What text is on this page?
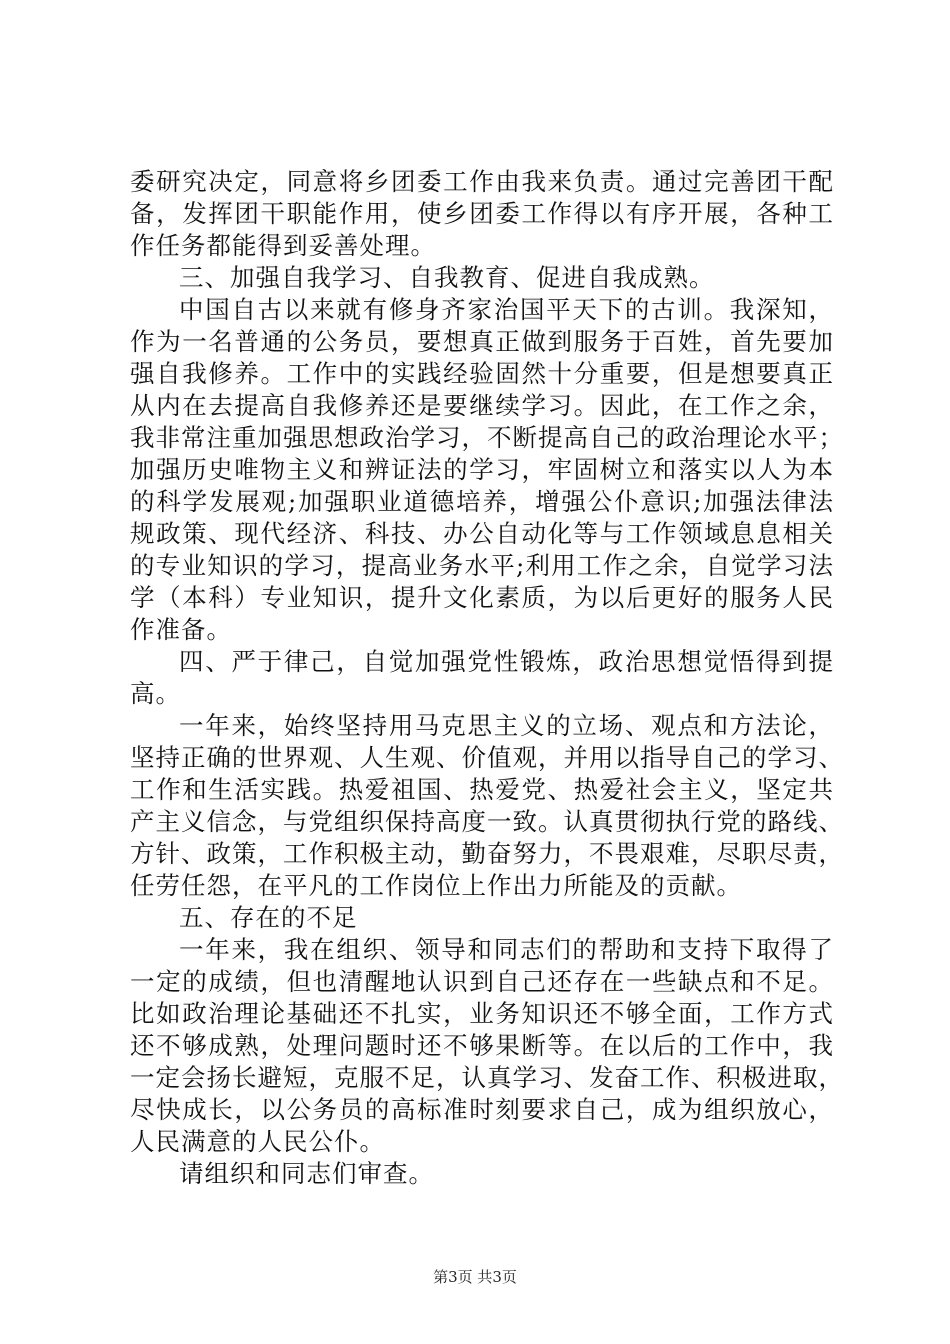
委研究决定，同意将乡团委工作由我来负责。通过完善团干配
备，发挥团干职能作用，使乡团委工作得以有序开展，各种工
作任务都能得到妥善处理。
三、加强自我学习、自我教育、促进自我成熟。
中国自古以来就有修身齐家治国平天下的古训。我深知，
作为一名普通的公务员，要想真正做到服务于百姓，首先要加
强自我修养。工作中的实践经验固然十分重要，但是想要真正
从内在去提高自我修养还是要继续学习。因此，在工作之余，
我非常注重加强思想政治学习，不断提高自己的政治理论水平；
加强历史唯物主义和辨证法的学习，牢固树立和落实以人为本
的科学发展观;加强职业道德培养，增强公仆意识;加强法律法
规政策、现代经济、科技、办公自动化等与工作领域息息相关
的专业知识的学习，提高业务水平;利用工作之余，自觉学习法
学（本科）专业知识，提升文化素质，为以后更好的服务人民
作准备。
四、严于律己，自觉加强党性锻炼，政治思想觉悟得到提
高。
一年来，始终坚持用马克思主义的立场、观点和方法论，
坚持正确的世界观、人生观、价值观，并用以指导自己的学习、
工作和生活实践。热爱祖国、热爱党、热爱社会主义，坚定共
产主义信念，与党组织保持高度一致。认真贯彻执行党的路线、
方针、政策，工作积极主动，勤奋努力，不畏艰难，尽职尽责，
任劳任怨，在平凡的工作岗位上作出力所能及的贡献。
五、存在的不足
一年来，我在组织、领导和同志们的帮助和支持下取得了
一定的成绩，但也清醒地认识到自己还存在一些缺点和不足。
比如政治理论基础还不扎实，业务知识还不够全面，工作方式
还不够成熟，处理问题时还不够果断等。在以后的工作中，我
一定会扬长避短，克服不足，认真学习、发奋工作、积极进取，
尽快成长，以公务员的高标准时刻要求自己，成为组织放心，
人民满意的人民公仆。
请组织和同志们审查。
第3页 共3页
